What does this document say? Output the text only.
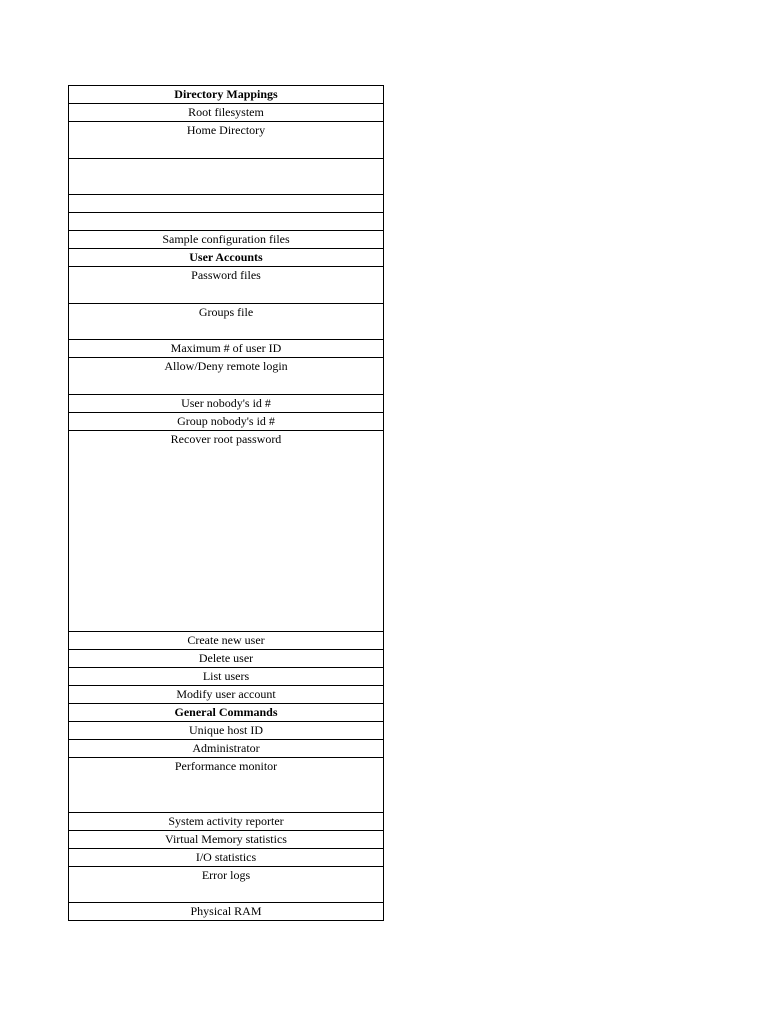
Directory Mappings
Root filesystem
Home Directory

Sample configuration files
User Accounts
Password files
Groups file
Maximum # of user ID
Allow/Deny remote login
User nobody's id #
Group nobody's id #
Recover root password
Create new user
Delete user
List users
Modify user account
General Commands
Unique host ID
Administrator
Performance monitor
System activity reporter
Virtual Memory statistics
I/O statistics
Error logs
Physical RAM
